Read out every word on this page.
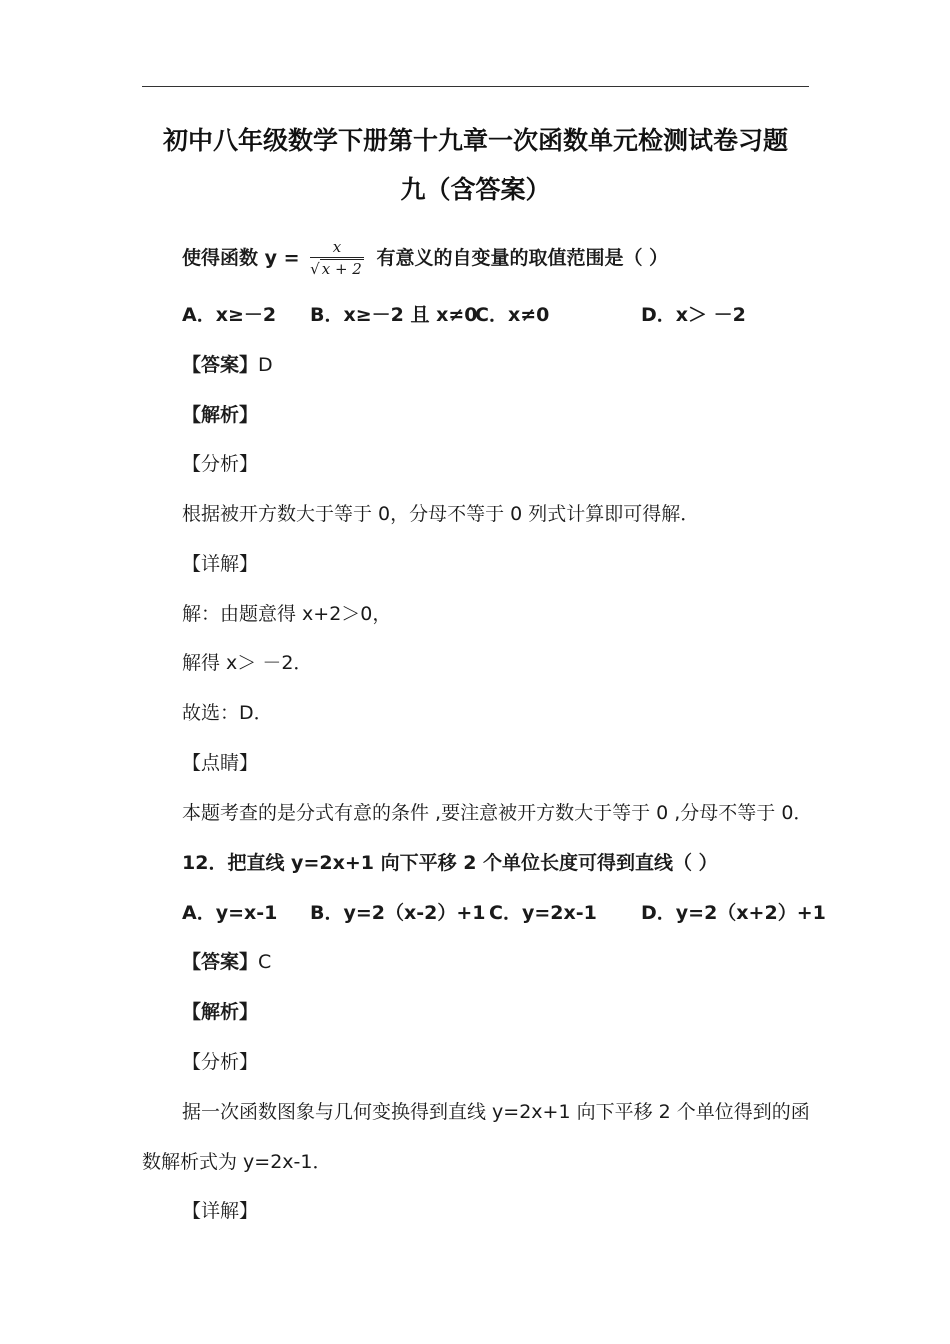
初中八年级数学下册第十九章一次函数单元检测试卷习题
九（含答案）
使得函数 $y = \frac{x}{√ x + 2}$ 有意义的自变量的取值范围是（ ）
A．x≥－2 B．x≥－2 且 x≠0
C．x≠0	D．x＞ －2
【答案】D
【解析】
【分析】
根据被开方数大于等于 0，分母不等于 0 列式计算即可得解．
【详解】
解：由题意得 x+2＞0，
解得 x＞ －2．
故选：D．
【点睛】
本题考查的是分式有意的条件 ,要注意被开方数大于等于 0 ,分母不等于 0．
12．把直线 y=2x+1 向下平移 2 个单位长度可得到直线（ ）
A．y=x-1 B．y=2（x-2）+1 C．y=2x-1 D．y=2（x+2）+1
【答案】C
【解析】
【分析】
据一次函数图象与几何变换得到直线 y=2x+1 向下平移 2 个单位得到的函
数解析式为 y=2x-1．
【详解】
